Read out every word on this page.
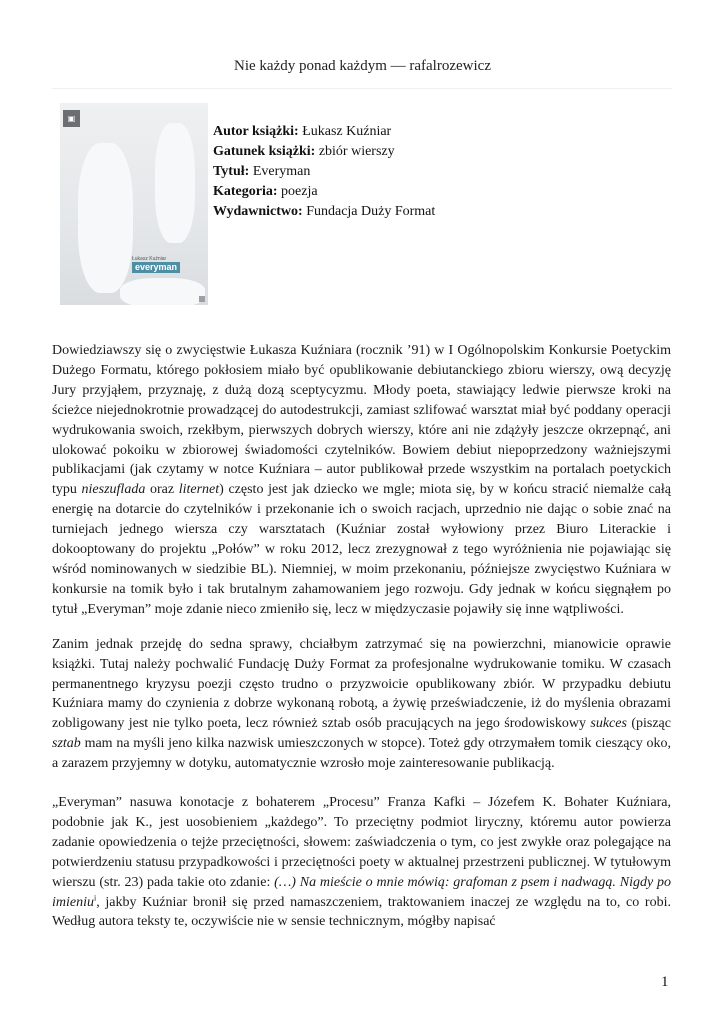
Nie każdy ponad każdym — rafalrozewicz
▣
Łukasz Kuźniar
everyman
Autor książki: Łukasz Kuźniar
Gatunek książki: zbiór wierszy
Tytuł: Everyman
Kategoria: poezja
Wydawnictwo: Fundacja Duży Format

Dowiedziawszy się o zwycięstwie Łukasza Kuźniara (rocznik ’91) w I Ogólnopolskim Konkursie Poetyckim Dużego Formatu, którego pokłosiem miało być opublikowanie debiutanckiego zbioru wierszy, ową decyzję Jury przyjąłem, przyznaję, z dużą dozą sceptycyzmu. Młody poeta, stawiający ledwie pierwsze kroki na ścieżce niejednokrotnie prowadzącej do autodestrukcji, zamiast szlifować warsztat miał być poddany operacji wydrukowania swoich, rzekłbym, pierwszych dobrych wierszy, które ani nie zdążyły jeszcze okrzepnąć, ani ulokować pokoiku w zbiorowej świadomości czytelników. Bowiem debiut niepoprzedzony ważniejszymi publikacjami (jak czytamy w notce Kuźniara – autor publikował przede wszystkim na portalach poetyckich typu nieszuflada oraz liternet) często jest jak dziecko we mgle; miota się, by w końcu stracić niemalże całą energię na dotarcie do czytelników i przekonanie ich o swoich racjach, uprzednio nie dając o sobie znać na turniejach jednego wiersza czy warsztatach (Kuźniar został wyłowiony przez Biuro Literackie i dokooptowany do projektu „Połów” w roku 2012, lecz zrezygnował z tego wyróżnienia nie pojawiając się wśród nominowanych w siedzibie BL). Niemniej, w moim przekonaniu, późniejsze zwycięstwo Kuźniara w konkursie na tomik było i tak brutalnym zahamowaniem jego rozwoju. Gdy jednak w końcu sięgnąłem po tytuł „Everyman” moje zdanie nieco zmieniło się, lecz w międzyczasie pojawiły się inne wątpliwości.

Zanim jednak przejdę do sedna sprawy, chciałbym zatrzymać się na powierzchni, mianowicie oprawie książki. Tutaj należy pochwalić Fundację Duży Format za profesjonalne wydrukowanie tomiku. W czasach permanentnego kryzysu poezji często trudno o przyzwoicie opublikowany zbiór. W przypadku debiutu Kuźniara mamy do czynienia z dobrze wykonaną robotą, a żywię przeświadczenie, iż do myślenia obrazami zobligowany jest nie tylko poeta, lecz również sztab osób pracujących na jego środowiskowy sukces (pisząc sztab mam na myśli jeno kilka nazwisk umieszczonych w stopce). Toteż gdy otrzymałem tomik cieszący oko, a zarazem przyjemny w dotyku, automatycznie wzrosło moje zainteresowanie publikacją.

„Everyman” nasuwa konotacje z bohaterem „Procesu” Franza Kafki – Józefem K. Bohater Kuźniara, podobnie jak K., jest uosobieniem „każdego”. To przeciętny podmiot liryczny, któremu autor powierza zadanie opowiedzenia o tejże przeciętności, słowem: zaświadczenia o tym, co jest zwykłe oraz polegające na potwierdzeniu statusu przypadkowości i przeciętności poety w aktualnej przestrzeni publicznej. W tytułowym wierszu (str. 23) pada takie oto zdanie: (…) Na mieście o mnie mówią: grafoman z psem i nadwagą. Nigdy po imieniu$^i$, jakby Kuźniar bronił się przed namaszczeniem, traktowaniem inaczej ze względu na to, co robi. Według autora teksty te, oczywiście nie w sensie technicznym, mógłby napisać

1
